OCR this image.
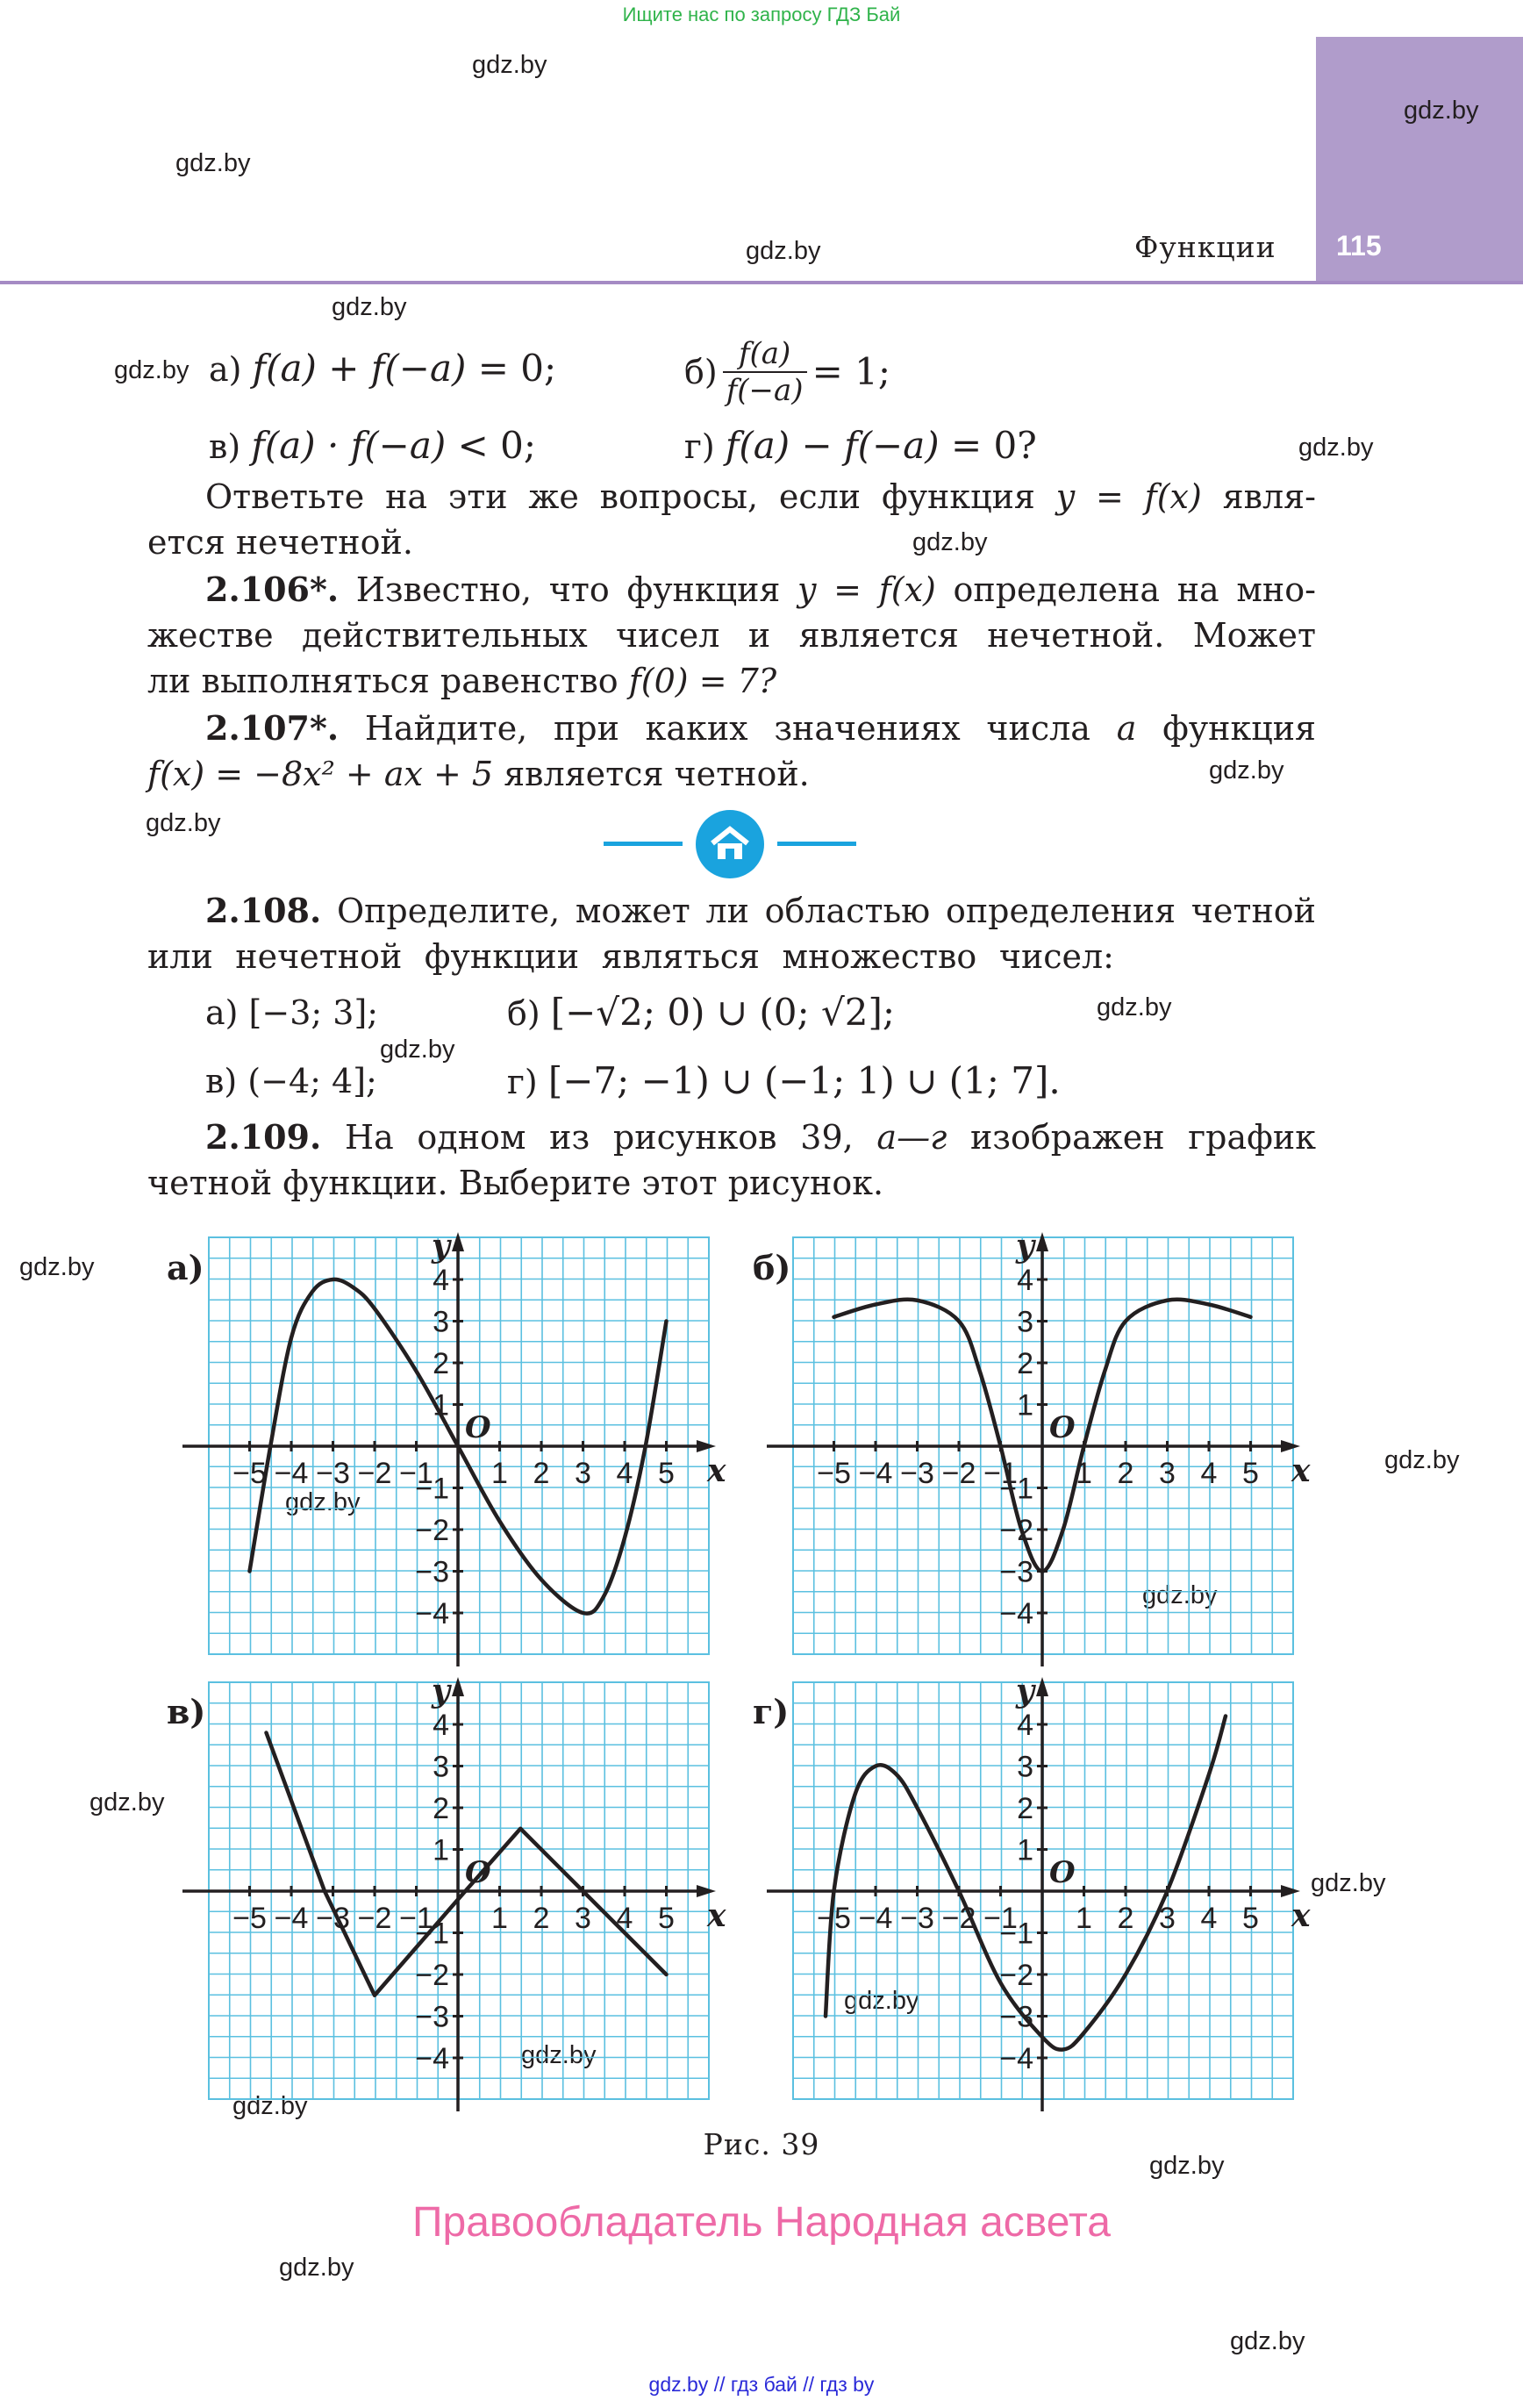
Ищите нас по запросу ГДЗ Бай
115
Функции
gdz.by
gdz.by
gdz.by
gdz.by
gdz.by
gdz.by
gdz.by
gdz.by
gdz.by
gdz.by
gdz.by
gdz.by
gdz.by
gdz.by
gdz.by
gdz.by
gdz.by
gdz.by
gdz.by
gdz.by
gdz.by
gdz.by
gdz.by
gdz.by
а) f(a) + f(−a) = 0;	$б) \frac{f(a)}{f(-a)} = 1$;
в) f(a) · f(−a) < 0;	г) f(a) − f(−a) = 0?
Ответьте на эти же вопросы, если функция y = f(x) явля-
ется нечетной.
2.106*. Известно, что функция y = f(x) определена на мно-
жестве действительных чисел и является нечетной. Может
ли выполняться равенство f(0) = 7?
2.107*. Найдите, при каких значениях числа a функция
f(x) = −8x² + ax + 5 является четной.
2.108. Определите, может ли областью определения четной
или нечетной функции являться множество чисел:
а) [−3; 3];	б) [−√2; 0) ∪ (0; √2];
в) (−4; 4];	г) [−7; −1) ∪ (−1; 1) ∪ (1; 7].
2.109. На одном из рисунков 39, а—г изображен график
четной функции. Выберите этот рисунок.
−5 −4 −3 −2 −1 1 2 3 4 5
4
3
2
1
−1
−2
−3
−4
x
y
O
а)
−5 −4 −3 −2 −1 1 2 3 4 5
4
3
2
1
−1
−2
−3
−4
x
y
O
б)
−5 −4 −3 −2 −1 1 2 3 4 5
4
3
2
1
−1
−2
−3
−4
x
y
O
в)
−5 −4 −3 −2 −1 1 2 3 4 5
4
3
2
1
−1
−2
−3
−4
x
y
O
г)
Рис. 39
Правообладатель Народная асвета
gdz.by // гдз бай // гдз by
